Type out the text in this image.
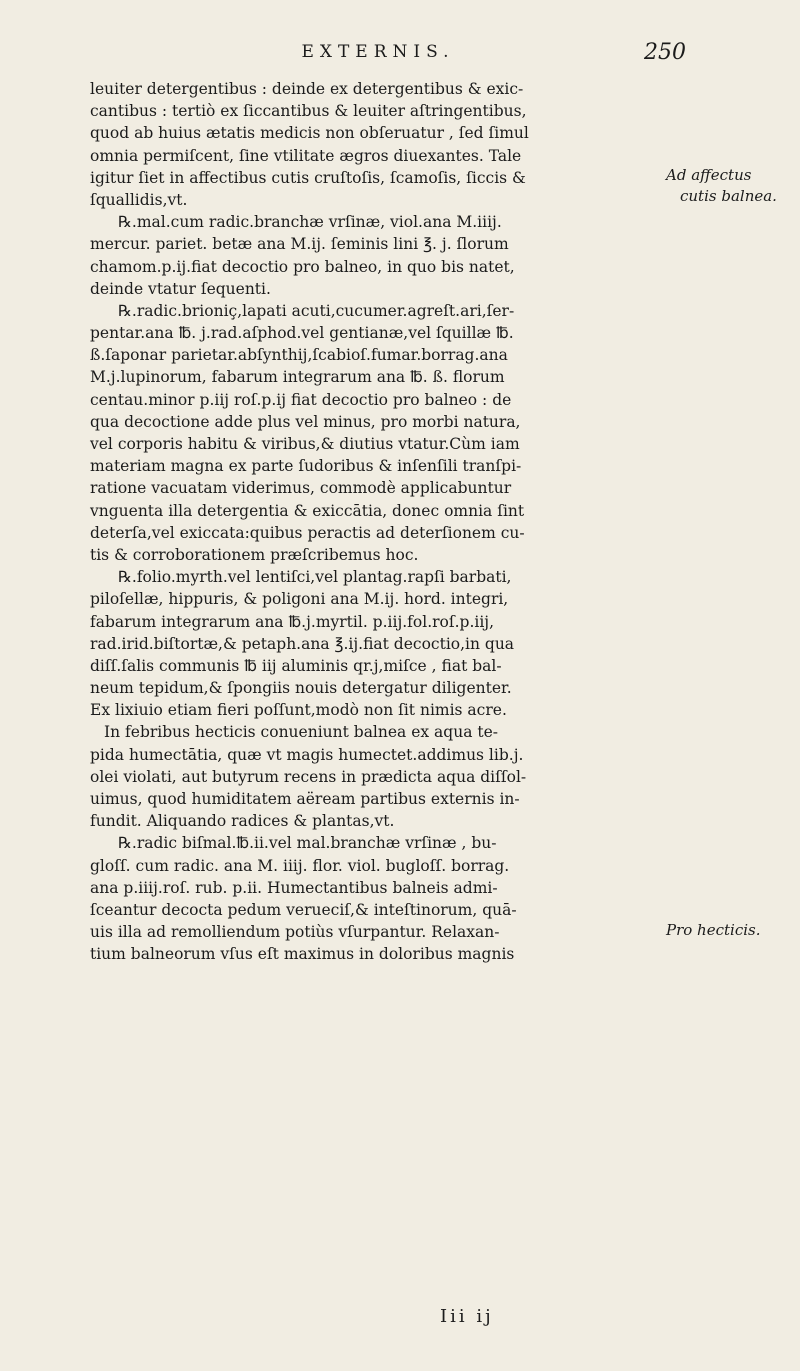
EXTERNIS.	250
leuiter detergentibus : deinde ex detergentibus & exic-
cantibus : tertiò ex ſiccantibus & leuiter aſtringentibus,
quod ab huius ætatis medicis non obſeruatur , ſed ſimul
omnia permiſcent, ſine vtilitate ægros diuexantes. Tale
igitur ſiet in affectibus cutis cruſtoſis, ſcamoſis, ſiccis &
ſquallidis,vt.
℞.mal.cum radic.branchæ vrſinæ, viol.ana M.iiij.
mercur. pariet. betæ ana M.ij. ſeminis lini ℥. j. ſlorum
chamom.p.ij.fiat decoctio pro balneo, in quo bis natet,
deinde vtatur ſequenti.
℞.radic.brioniç,lapati acuti,cucumer.agreſt.ari,ſer-
pentar.ana ℔. j.rad.aſphod.vel gentianæ,vel ſquillæ ℔.
ß.ſaponar parietar.abſynthij,ſcabioſ.fumar.borrag.ana
M.j.lupinorum, fabarum integrarum ana ℔. ß. florum
centau.minor p.iij roſ.p.ij fiat decoctio pro balneo : de
qua decoctione adde plus vel minus, pro morbi natura,
vel corporis habitu & viribus,& diutius vtatur.Cùm iam
materiam magna ex parte ſudoribus & inſenſili tranſpi-
ratione vacuatam viderimus, commodè applicabuntur
vnguenta illa detergentia & exiccātia, donec omnia ſint
deterſa,vel exiccata:quibus peractis ad deterſionem cu-
tis & corroborationem præſcribemus hoc.
℞.folio.myrth.vel lentiſci,vel plantag.rapſi barbati,
piloſellæ, hippuris, & poligoni ana M.ij. hord. integri,
fabarum integrarum ana ℔.j.myrtil. p.iij.fol.roſ.p.iij,
rad.irid.biſtortæ,& petaph.ana ℥.ij.fiat decoctio,in qua
diſſ.ſalis communis ℔ iij aluminis qr.j,miſce , fiat bal-
neum tepidum,& ſpongiis nouis detergatur diligenter.
Ex lixiuio etiam fieri poſſunt,modò non ſit nimis acre.
In febribus hecticis conueniunt balnea ex aqua te-
pida humectātia, quæ vt magis humectet.addimus lib.j.
olei violati, aut butyrum recens in prædicta aqua diſſol-
uimus, quod humiditatem aëream partibus externis in-
fundit. Aliquando radices & plantas,vt.
℞.radic biſmal.℔.ii.vel mal.branchæ vrſinæ , bu-
gloſſ. cum radic. ana M. iiij. flor. viol. bugloſſ. borrag.
ana p.iiij.roſ. rub. p.ii. Humectantibus balneis admi-
ſceantur decocta pedum verueciſ,& inteſtinorum, quā-
uis illa ad remolliendum potiùs vſurpantur. Relaxan-
tium balneorum vſus eſt maximus in doloribus magnis
Ad affectus
cutis balnea.
Pro hecticis.
Iii ij
